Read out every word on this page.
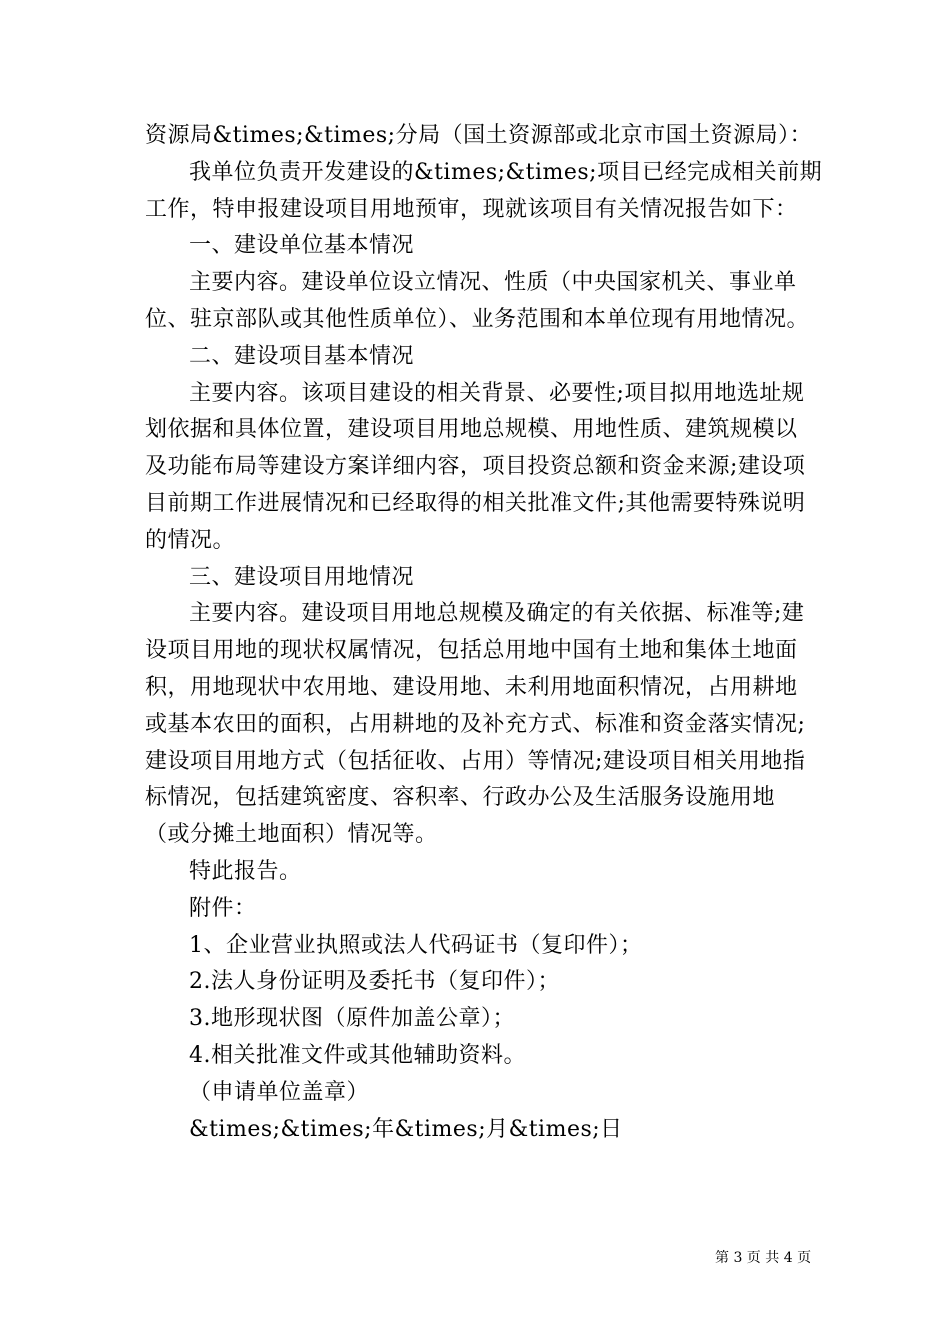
资源局&times;&times;分局（国土资源部或北京市国土资源局）：
我单位负责开发建设的&times;&times;项目已经完成相关前期
工作，特申报建设项目用地预审，现就该项目有关情况报告如下：
一、建设单位基本情况
主要内容。建设单位设立情况、性质（中央国家机关、事业单
位、驻京部队或其他性质单位）、业务范围和本单位现有用地情况。
二、建设项目基本情况
主要内容。该项目建设的相关背景、必要性;项目拟用地选址规
划依据和具体位置，建设项目用地总规模、用地性质、建筑规模以
及功能布局等建设方案详细内容，项目投资总额和资金来源;建设项
目前期工作进展情况和已经取得的相关批准文件;其他需要特殊说明
的情况。
三、建设项目用地情况
主要内容。建设项目用地总规模及确定的有关依据、标准等;建
设项目用地的现状权属情况，包括总用地中国有土地和集体土地面
积，用地现状中农用地、建设用地、未利用地面积情况，占用耕地
或基本农田的面积，占用耕地的及补充方式、标准和资金落实情况;
建设项目用地方式（包括征收、占用）等情况;建设项目相关用地指
标情况，包括建筑密度、容积率、行政办公及生活服务设施用地
（或分摊土地面积）情况等。
特此报告。
附件：
1、企业营业执照或法人代码证书（复印件）；
2.法人身份证明及委托书（复印件）；
3.地形现状图（原件加盖公章）；
4.相关批准文件或其他辅助资料。
（申请单位盖章）
&times;&times;年&times;月&times;日
第 3 页 共 4 页
